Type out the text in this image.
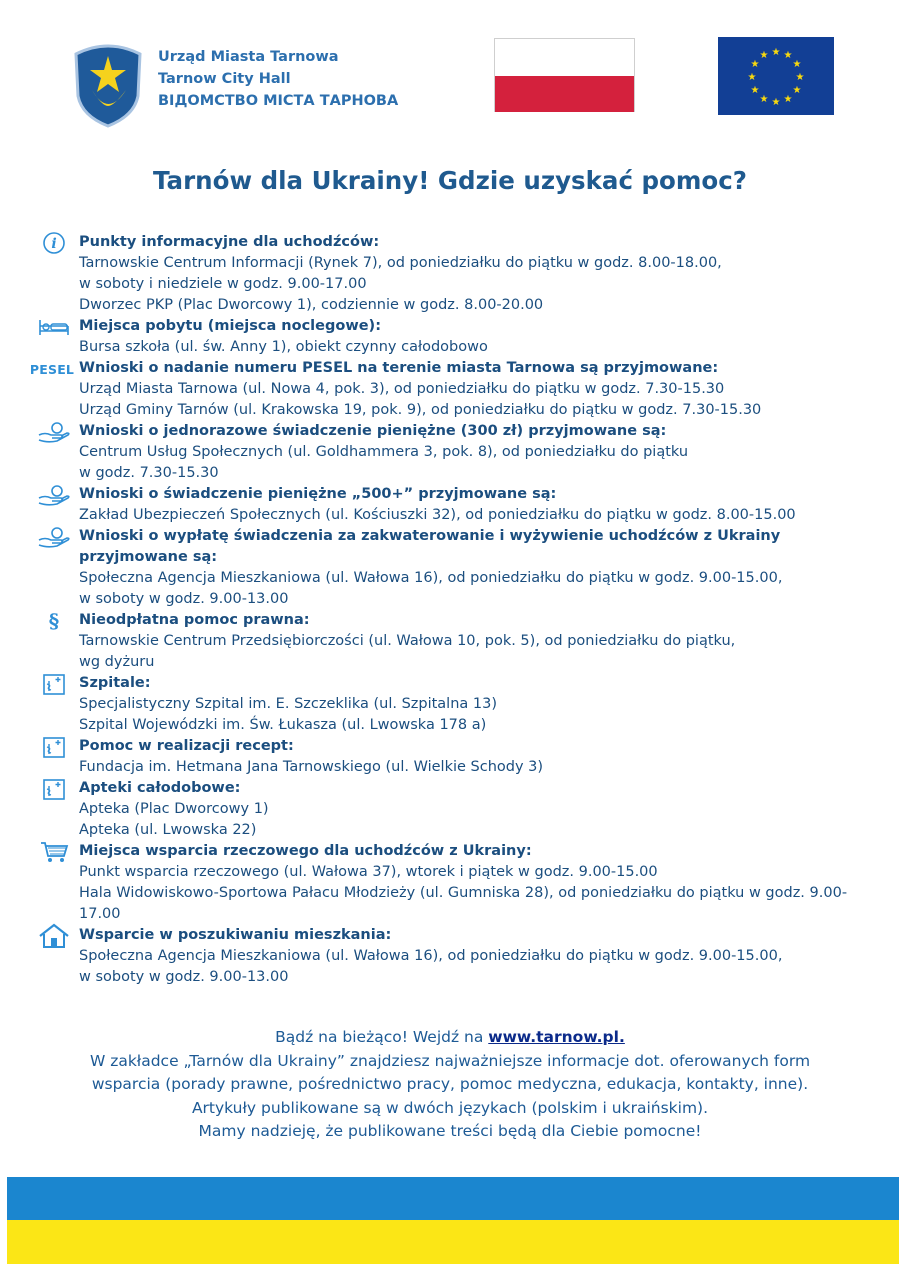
Urząd Miasta Tarnowa
Tarnow City Hall
ВІДОМСТВО МІСТА ТАРНОВА
★ ★
★
★
★
★
★
★
★
★
★
★
Tarnów dla Ukrainy! Gdzie uzyskać pomoc?
i Punkty informacyjne dla uchodźców:
Tarnowskie Centrum Informacji (Rynek 7), od poniedziałku do piątku w godz. 8.00-18.00,
w soboty i niedziele w godz. 9.00-17.00
Dworzec PKP (Plac Dworcowy 1), codziennie w godz. 8.00-20.00
Miejsca pobytu (miejsca noclegowe):
Bursa szkoła (ul. św. Anny 1), obiekt czynny całodobowo
PESEL Wnioski o nadanie numeru PESEL na terenie miasta Tarnowa są przyjmowane:
Urząd Miasta Tarnowa (ul. Nowa 4, pok. 3), od poniedziałku do piątku w godz. 7.30-15.30
Urząd Gminy Tarnów (ul. Krakowska 19, pok. 9), od poniedziałku do piątku w godz. 7.30-15.30
Wnioski o jednorazowe świadczenie pieniężne (300 zł) przyjmowane są:
Centrum Usług Społecznych (ul. Goldhammera 3, pok. 8), od poniedziałku do piątku
w godz. 7.30-15.30
Wnioski o świadczenie pieniężne „500+” przyjmowane są:
Zakład Ubezpieczeń Społecznych (ul. Kościuszki 32), od poniedziałku do piątku w godz. 8.00-15.00
Wnioski o wypłatę świadczenia za zakwaterowanie i wyżywienie uchodźców z Ukrainy przyjmowane są:
Społeczna Agencja Mieszkaniowa (ul. Wałowa 16), od poniedziałku do piątku w godz. 9.00-15.00,
w soboty w godz. 9.00-13.00
§	Nieodpłatna pomoc prawna:
Tarnowskie Centrum Przedsiębiorczości (ul. Wałowa 10, pok. 5), od poniedziałku do piątku,
wg dyżuru
Szpitale:
Specjalistyczny Szpital im. E. Szczeklika (ul. Szpitalna 13)
Szpital Wojewódzki im. Św. Łukasza (ul. Lwowska 178 a)
Pomoc w realizacji recept:
Fundacja im. Hetmana Jana Tarnowskiego (ul. Wielkie Schody 3)
Apteki całodobowe:
Apteka (Plac Dworcowy 1)
Apteka (ul. Lwowska 22)
Miejsca wsparcia rzeczowego dla uchodźców z Ukrainy:
Punkt wsparcia rzeczowego (ul. Wałowa 37), wtorek i piątek w godz. 9.00-15.00
Hala Widowiskowo-Sportowa Pałacu Młodzieży (ul. Gumniska 28), od poniedziałku do piątku w godz. 9.00-17.00
Wsparcie w poszukiwaniu mieszkania:
Społeczna Agencja Mieszkaniowa (ul. Wałowa 16), od poniedziałku do piątku w godz. 9.00-15.00,
w soboty w godz. 9.00-13.00
Bądź na bieżąco! Wejdź na www.tarnow.pl.
W zakładce „Tarnów dla Ukrainy” znajdziesz najważniejsze informacje dot. oferowanych form
wsparcia (porady prawne, pośrednictwo pracy, pomoc medyczna, edukacja, kontakty, inne).
Artykuły publikowane są w dwóch językach (polskim i ukraińskim).
Mamy nadzieję, że publikowane treści będą dla Ciebie pomocne!
